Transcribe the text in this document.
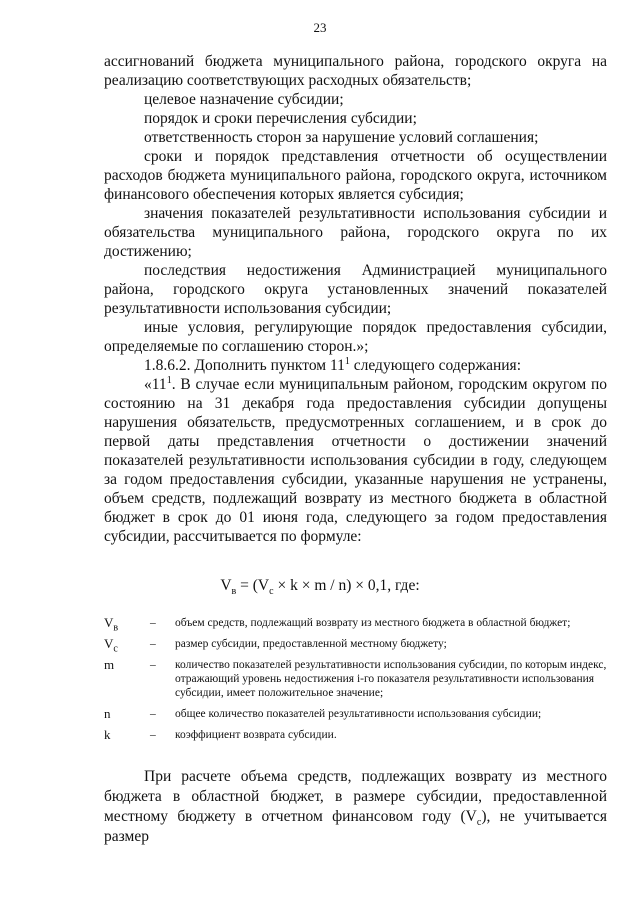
23

ассигнований бюджета муниципального района, городского округа на реализацию соответствующих расходных обязательств;

целевое назначение субсидии;

порядок и сроки перечисления субсидии;

ответственность сторон за нарушение условий соглашения;

сроки и порядок представления отчетности об осуществлении расходов бюджета муниципального района, городского округа, источником финансового обеспечения которых является субсидия;

значения показателей результативности использования субсидии и обязательства муниципального района, городского округа по их достижению;

последствия недостижения Администрацией муниципального района, городского округа установленных значений показателей результативности использования субсидии;

иные условия, регулирующие порядок предоставления субсидии, определяемые по соглашению сторон.»;

1.8.6.2. Дополнить пунктом $11^1$ следующего содержания:

«$11^1$. В случае если муниципальным районом, городским округом по состоянию на 31 декабря года предоставления субсидии допущены нарушения обязательств, предусмотренных соглашением, и в срок до первой даты представления отчетности о достижении значений показателей результативности использования субсидии в году, следующем за годом предоставления субсидии, указанные нарушения не устранены, объем средств, подлежащий возврату из местного бюджета в областной бюджет в срок до 01 июня года, следующего за годом предоставления субсидии, рассчитывается по формуле:

$V_в = (V_с \times k \times m / n) \times 0,1$, где:
$V_в$	–	объем средств, подлежащий возврату из местного бюджета в областной бюджет;
$V_с$	–	размер субсидии, предоставленной местному бюджету;
m	–	количество показателей результативности использования субсидии, по которым индекс, отражающий уровень недостижения i-го показателя результативности использования субсидии, имеет положительное значение;
n	–	общее количество показателей результативности использования субсидии;
k	–	коэффициент возврата субсидии.

При расчете объема средств, подлежащих возврату из местного бюджета в областной бюджет, в размере субсидии, предоставленной местному бюджету в отчетном финансовом году $(V_с)$, не учитывается размер
